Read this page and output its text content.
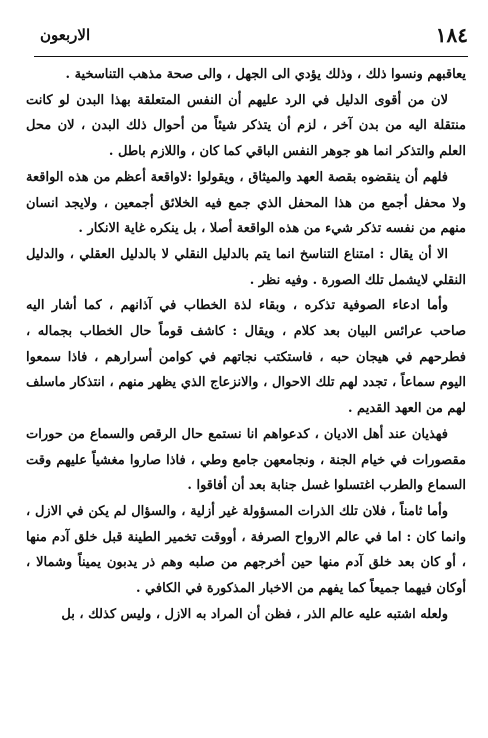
١٨٤
الاربعون

يعاقبهم ونسوا ذلك ، وذلك يؤدي الى الجهل ، والى صحة مذهب التناسخية .

لان من أقوى الدليل في الرد عليهم أن النفس المتعلقة بهذا البدن لو كانت منتقلة اليه من بدن آخر ، لزم أن يتذكر شيئاً من أحوال ذلك البدن ، لان محل العلم والتذكر انما هو جوهر النفس الباقي كما كان ، واللازم باطل .

فلهم أن ينقضوه بقصة العهد والميثاق ، ويقولوا :لاواقعة أعظم من هذه الواقعة ولا محفل أجمع من هذا المحفل الذي جمع فيه الخلائق أجمعين ، ولايجد انسان منهم من نفسه تذكر شيء من هذه الواقعة أصلا ، بل ينكره غاية الانكار .

الا أن يقال : امتناع التناسخ انما يتم بالدليل النقلي لا بالدليل العقلي ، والدليل النقلي لايشمل تلك الصورة . وفيه نظر .

وأما ادعاء الصوفية تذكره ، وبقاء لذة الخطاب في آذانهم ، كما أشار اليه صاحب عرائس البيان بعد كلام ، ويقال : كاشف قوماً حال الخطاب بجماله ، فطرحهم في هيجان حبه ، فاستكتب نجاتهم في كوامن أسرارهم ، فاذا سمعوا اليوم سماعاً ، تجدد لهم تلك الاحوال ، والانزعاج الذي يظهر منهم ، انتذكار ماسلف لهم من العهد القديم .

فهذيان عند أهل الاديان ، كدعواهم انا نستمع حال الرقص والسماع من حورات مقصورات في خيام الجنة ، ونجامعهن جامع وطي ، فاذا صاروا مغشياً عليهم وقت السماع والطرب اغتسلوا غسل جنابة بعد أن أفاقوا .

وأما ثامناً ، فلان تلك الذرات المسؤولة غير أزلية ، والسؤال لم يكن في الازل ، وانما كان : اما في عالم الارواح الصرفة ، أووقت تخمير الطينة قبل خلق آدم منها ، أو كان بعد خلق آدم منها حين أخرجهم من صلبه وهم ذر يدبون يميناً وشمالا ، أوكان فيهما جميعاً كما يفهم من الاخبار المذكورة في الكافي .

ولعله اشتبه عليه عالم الذر ، فظن أن المراد به الازل ، وليس كذلك ، بل
